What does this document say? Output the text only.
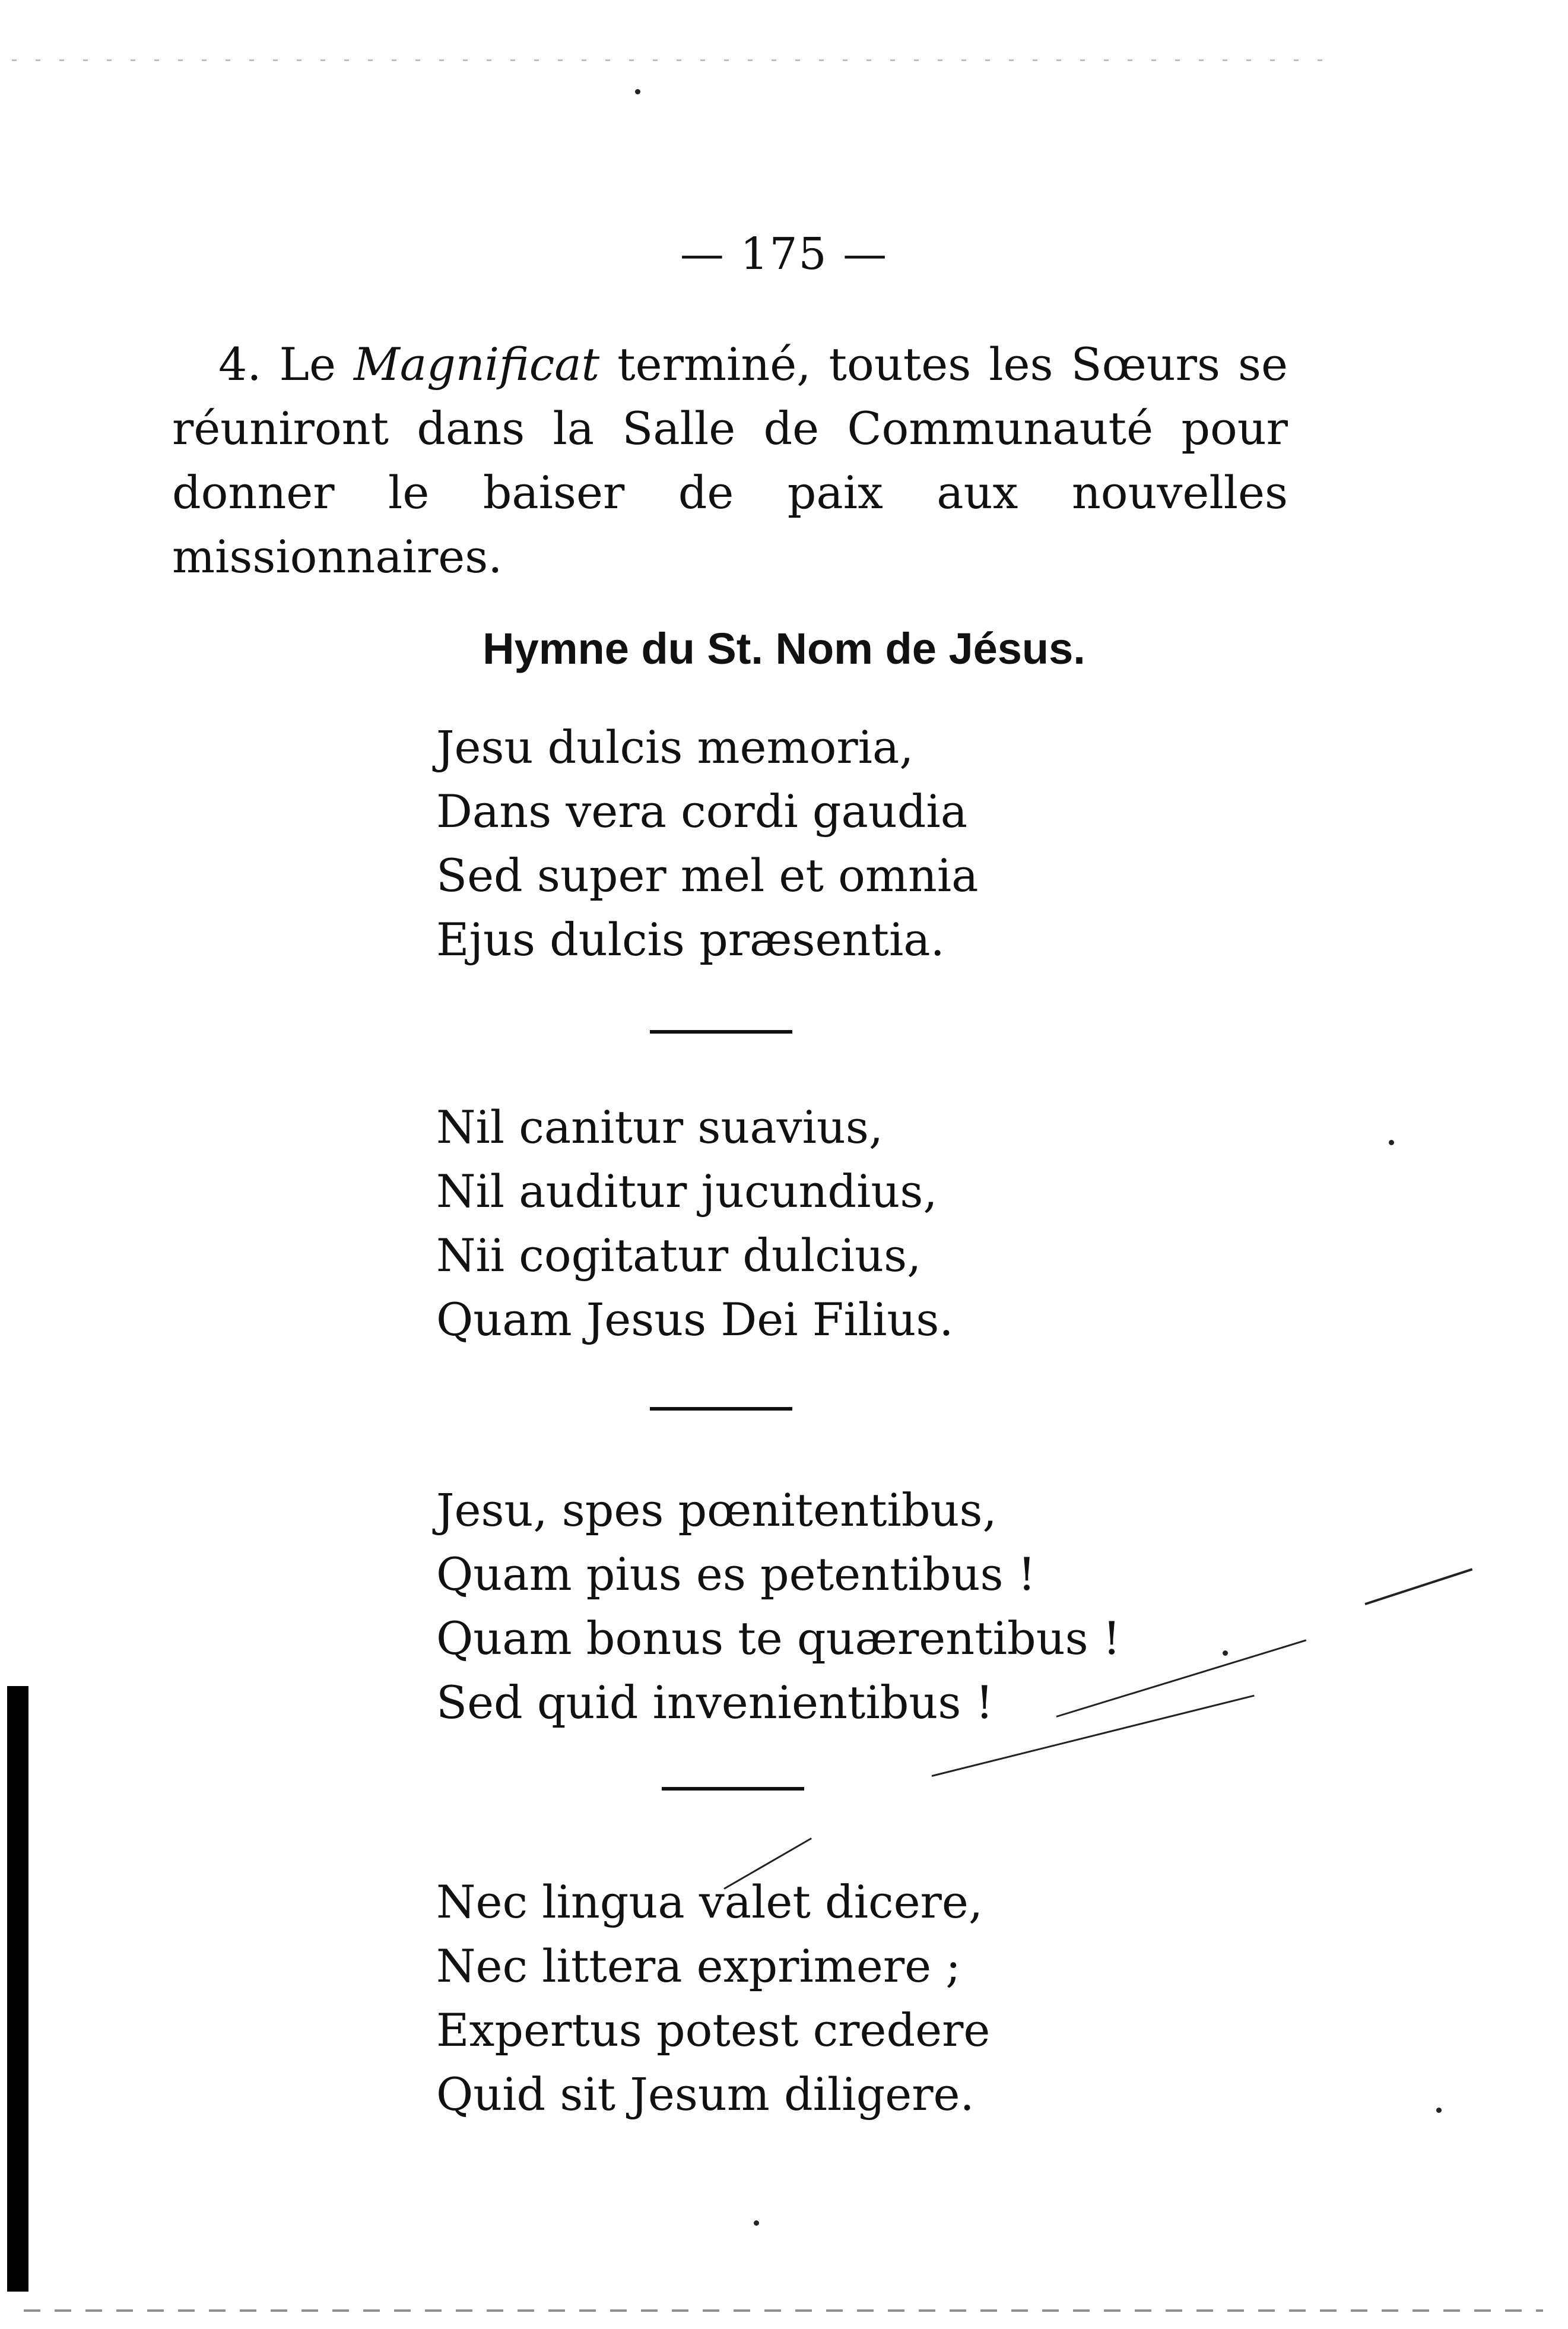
— 175 —
4. Le Magnificat terminé, toutes les Sœurs se réuniront dans la Salle de Communauté pour donner le baiser de paix aux nouvelles missionnaires.
Hymne du St. Nom de Jésus.
Jesu dulcis memoria,
Dans vera cordi gaudia
Sed super mel et omnia
Ejus dulcis præsentia.
Nil canitur suavius,
Nil auditur jucundius,
Nii cogitatur dulcius,
Quam Jesus Dei Filius.
Jesu, spes pœnitentibus,
Quam pius es petentibus !
Quam bonus te quærentibus !
Sed quid invenientibus !
Nec lingua valet dicere,
Nec littera exprimere ;
Expertus potest credere
Quid sit Jesum diligere.
